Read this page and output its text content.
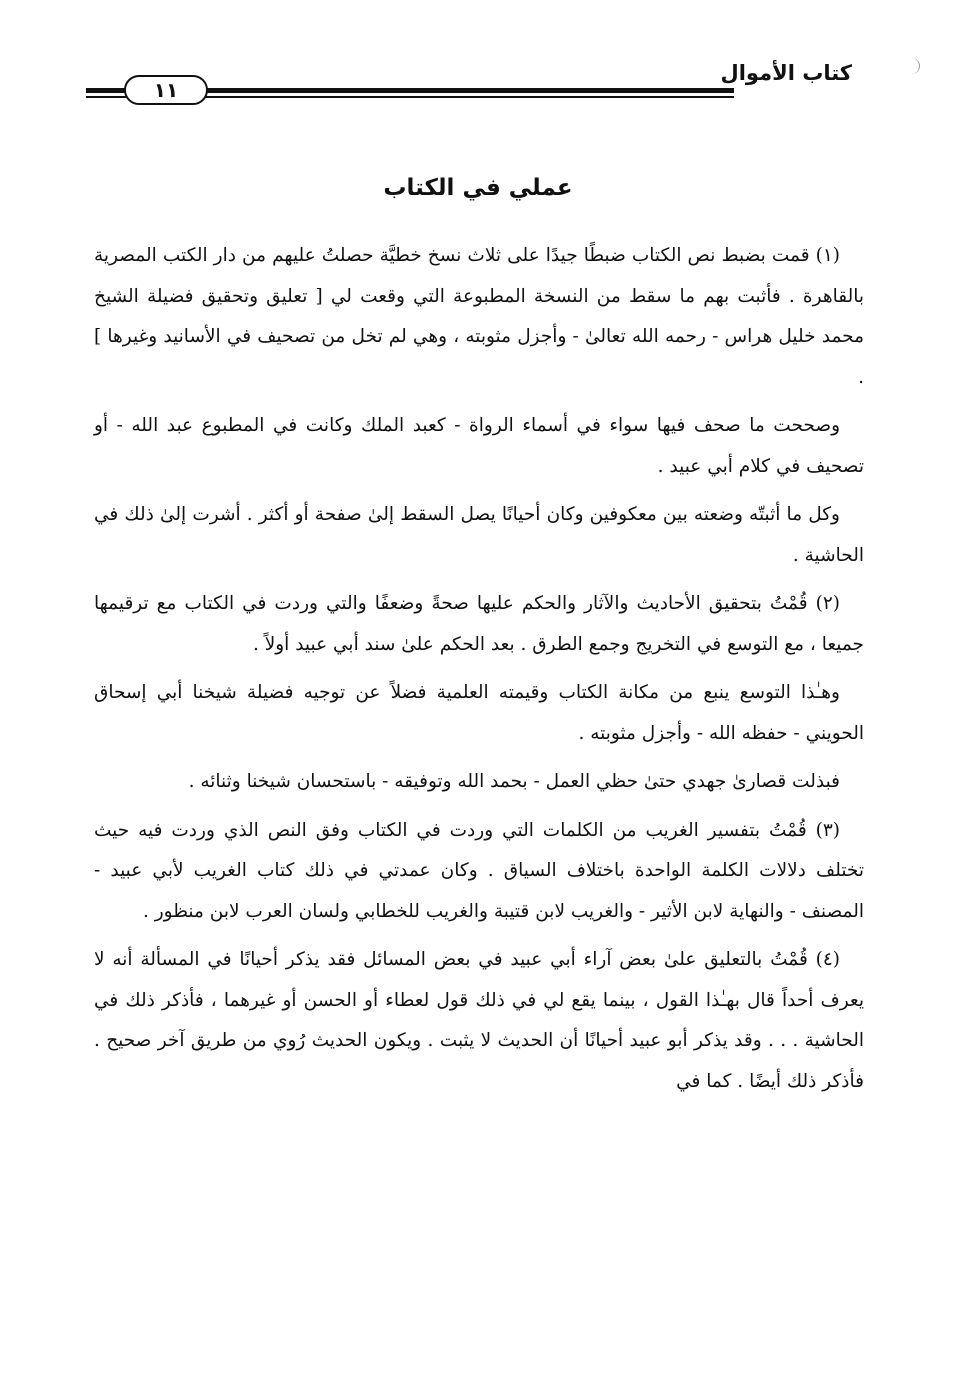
كتاب الأموال
١١
عملي في الكتاب

(١) قمت بضبط نص الكتاب ضبطًا جيدًا على ثلاث نسخ خطيَّة حصلتُ عليهم من دار الكتب المصرية بالقاهرة . فأثبت بهم ما سقط من النسخة المطبوعة التي وقعت لي [ تعليق وتحقيق فضيلة الشيخ محمد خليل هراس - رحمه الله تعالىٰ - وأجزل مثوبته ، وهي لم تخل من تصحيف في الأسانيد وغيرها ] .

وصححت ما صحف فيها سواء في أسماء الرواة - كعبد الملك وكانت في المطبوع عبد الله - أو تصحيف في كلام أبي عبيد .

وكل ما أثبتّه وضعته بين معكوفين وكان أحيانًا يصل السقط إلىٰ صفحة أو أكثر . أشرت إلىٰ ذلك في الحاشية .

(٢) قُمْتُ بتحقيق الأحاديث والآثار والحكم عليها صحةً وضعفًا والتي وردت في الكتاب مع ترقيمها جميعا ، مع التوسع في التخريج وجمع الطرق . بعد الحكم علىٰ سند أبي عبيد أولاً .

وهـٰذا التوسع ينبع من مكانة الكتاب وقيمته العلمية فضلاً عن توجيه فضيلة شيخنا أبي إسحاق الحويني - حفظه الله - وأجزل مثوبته .

فبذلت قصارىٰ جهدي حتىٰ حظي العمل - بحمد الله وتوفيقه - باستحسان شيخنا وثنائه .

(٣) قُمْتُ بتفسير الغريب من الكلمات التي وردت في الكتاب وفق النص الذي وردت فيه حيث تختلف دلالات الكلمة الواحدة باختلاف السياق . وكان عمدتي في ذلك كتاب الغريب لأبي عبيد - المصنف - والنهاية لابن الأثير - والغريب لابن قتيبة والغريب للخطابي ولسان العرب لابن منظور .

(٤) قُمْتُ بالتعليق علىٰ بعض آراء أبي عبيد في بعض المسائل فقد يذكر أحيانًا في المسألة أنه لا يعرف أحداً قال بهـٰذا القول ، بينما يقع لي في ذلك قول لعطاء أو الحسن أو غيرهما ، فأذكر ذلك في الحاشية . . . وقد يذكر أبو عبيد أحيانًا أن الحديث لا يثبت . ويكون الحديث رُوي من طريق آخر صحيح . فأذكر ذلك أيضًا . كما في
